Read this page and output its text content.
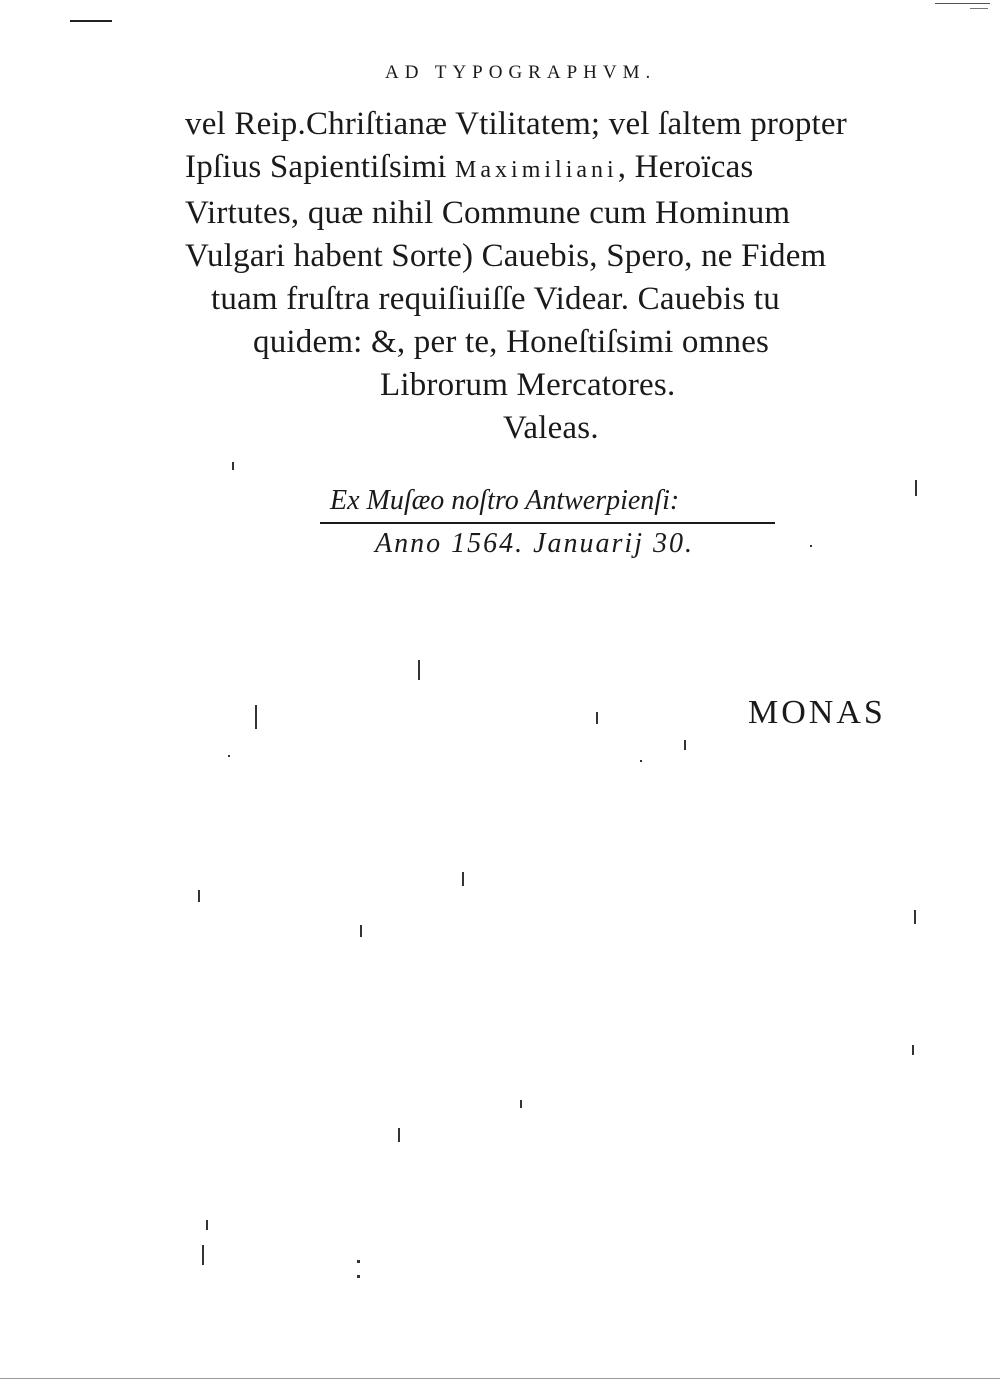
AD TYPOGRAPHVM.
vel Reip.Chriſtianæ Vtilitatem; vel ſaltem propter
Ipſius Sapientiſsimi Maximiliani, Heroïcas
Virtutes, quæ nihil Commune cum Hominum
Vulgari habent Sorte) Cauebis, Spero, ne Fidem
tuam fruſtra requiſiuiſſe Videar. Cauebis tu
quidem: &, per te, Honeſtiſsimi omnes
Librorum Mercatores.
Valeas.
Ex Muſæo noſtro Antwerpienſi:
Anno 1564. Januarij 30.
MONAS
